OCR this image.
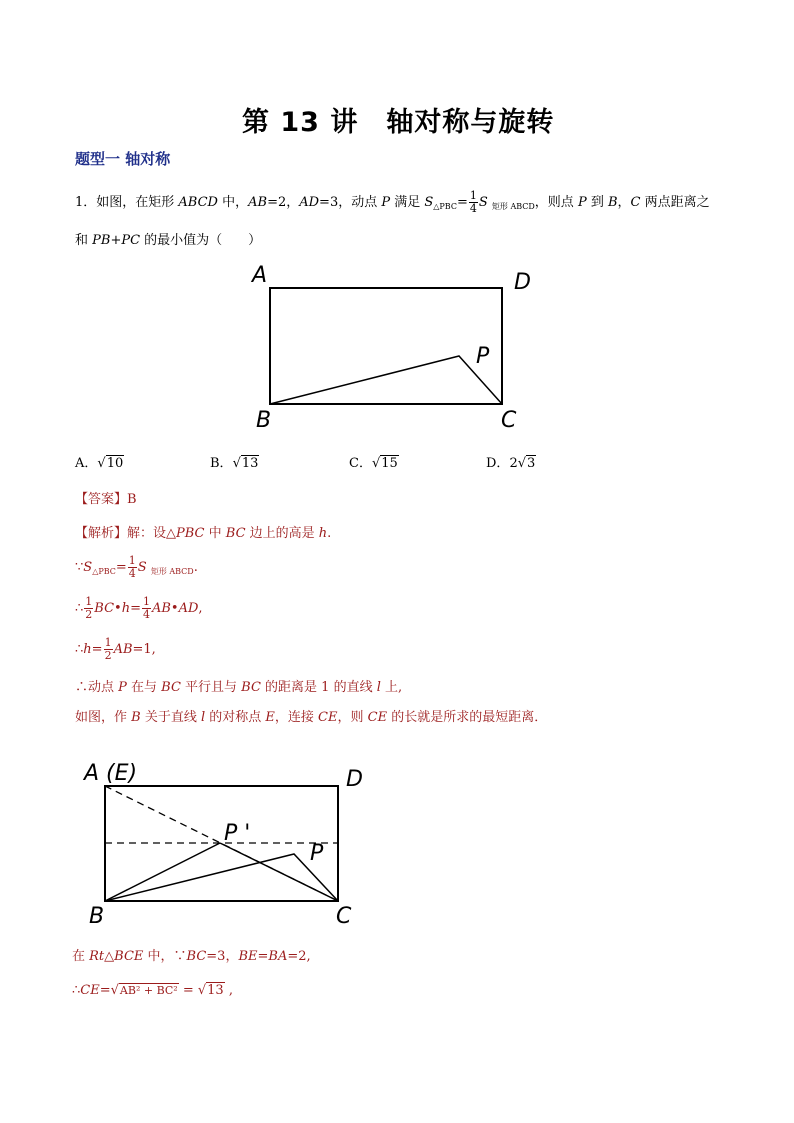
第 13 讲　轴对称与旋转
题型一 轴对称
1．如图，在矩形 ABCD 中，AB=2，AD=3，动点 P 满足 $S_{\triangle PBC}= \frac{1}{4}$ S $_{矩形 ABCD}$，则点 P 到 B，C 两点距离之
和 PB+PC 的最小值为（　　）
A	D
P
B	C
A．√10	B．√13	C．√15	D．2√3
【答案】B
【解析】解：设△PBC 中 BC 边上的高是 h.
$\because S_{\triangle PBC}= \frac{1}{4}$ S $_{矩形 ABCD}$.
∴ $\frac{1}{2}$ BC•h= $\frac{1}{4}$ AB•AD,
∴h= $\frac{1}{2} AB=1$,
∴动点 P 在与 BC 平行且与 BC 的距离是 1 的直线 l 上,
如图，作 B 关于直线 l 的对称点 E，连接 CE，则 CE 的长就是所求的最短距离．
A (E)	D
P '
P
B	C
在 Rt△BCE 中，∵BC=3，BE=BA=2,
∴CE=√AB² + BC² = √13 ,
